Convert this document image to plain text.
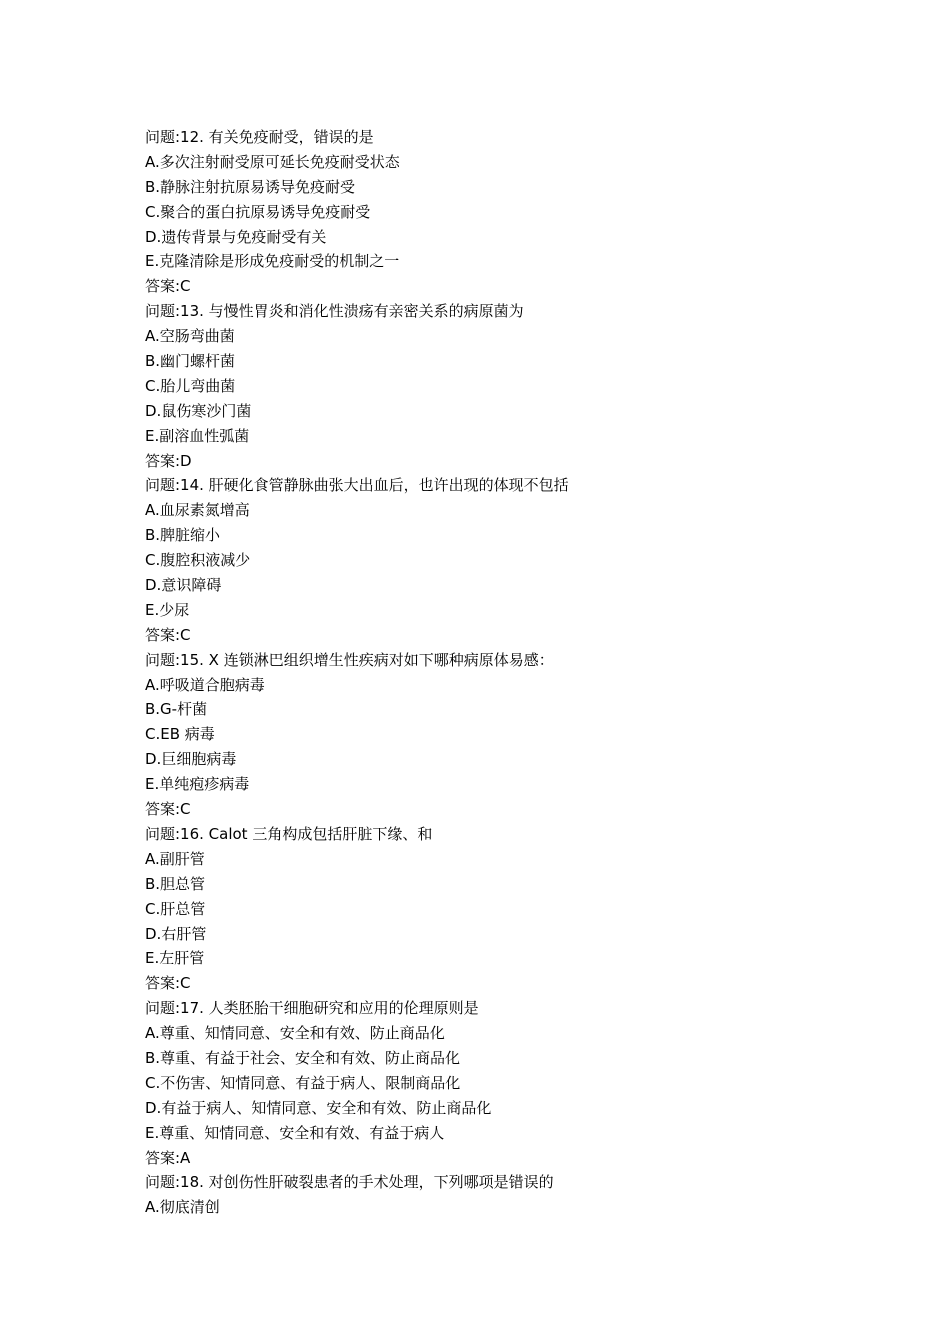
问题:12. 有关免疫耐受，错误的是
A.多次注射耐受原可延长免疫耐受状态
B.静脉注射抗原易诱导免疫耐受
C.聚合的蛋白抗原易诱导免疫耐受
D.遗传背景与免疫耐受有关
E.克隆清除是形成免疫耐受的机制之一
答案:C
问题:13. 与慢性胃炎和消化性溃疡有亲密关系的病原菌为
A.空肠弯曲菌
B.幽门螺杆菌
C.胎儿弯曲菌
D.鼠伤寒沙门菌
E.副溶血性弧菌
答案:D
问题:14. 肝硬化食管静脉曲张大出血后，也许出现的体现不包括
A.血尿素氮增高
B.脾脏缩小
C.腹腔积液减少
D.意识障碍
E.少尿
答案:C
问题:15. X 连锁淋巴组织增生性疾病对如下哪种病原体易感：
A.呼吸道合胞病毒
B.G-杆菌
C.EB 病毒
D.巨细胞病毒
E.单纯疱疹病毒
答案:C
问题:16. Calot 三角构成包括肝脏下缘、和
A.副肝管
B.胆总管
C.肝总管
D.右肝管
E.左肝管
答案:C
问题:17. 人类胚胎干细胞研究和应用的伦理原则是
A.尊重、知情同意、安全和有效、防止商品化
B.尊重、有益于社会、安全和有效、防止商品化
C.不伤害、知情同意、有益于病人、限制商品化
D.有益于病人、知情同意、安全和有效、防止商品化
E.尊重、知情同意、安全和有效、有益于病人
答案:A
问题:18. 对创伤性肝破裂患者的手术处理，下列哪项是错误的
A.彻底清创
